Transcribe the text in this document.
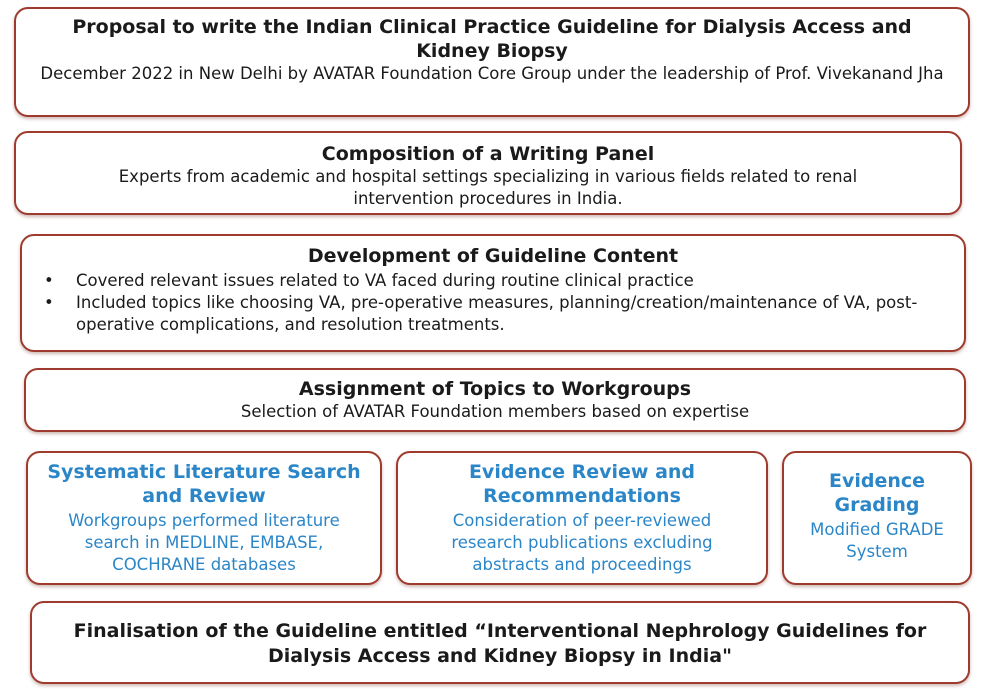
Proposal to write the Indian Clinical Practice Guideline for Dialysis Access and Kidney Biopsy
December 2022 in New Delhi by AVATAR Foundation Core Group under the leadership of Prof. Vivekanand Jha
Composition of a Writing Panel
Experts from academic and hospital settings specializing in various fields related to renal intervention procedures in India.
Development of Guideline Content
• Covered relevant issues related to VA faced during routine clinical practice
• Included topics like choosing VA, pre-operative measures, planning/creation/maintenance of VA, post-operative complications, and resolution treatments.
Assignment of Topics to Workgroups
Selection of AVATAR Foundation members based on expertise
Systematic Literature Search and Review
Workgroups performed literature search in MEDLINE, EMBASE, COCHRANE databases
Evidence Review and Recommendations
Consideration of peer-reviewed research publications excluding abstracts and proceedings
Evidence Grading
Modified GRADE System
Finalisation of the Guideline entitled “Interventional Nephrology Guidelines for Dialysis Access and Kidney Biopsy in India"
